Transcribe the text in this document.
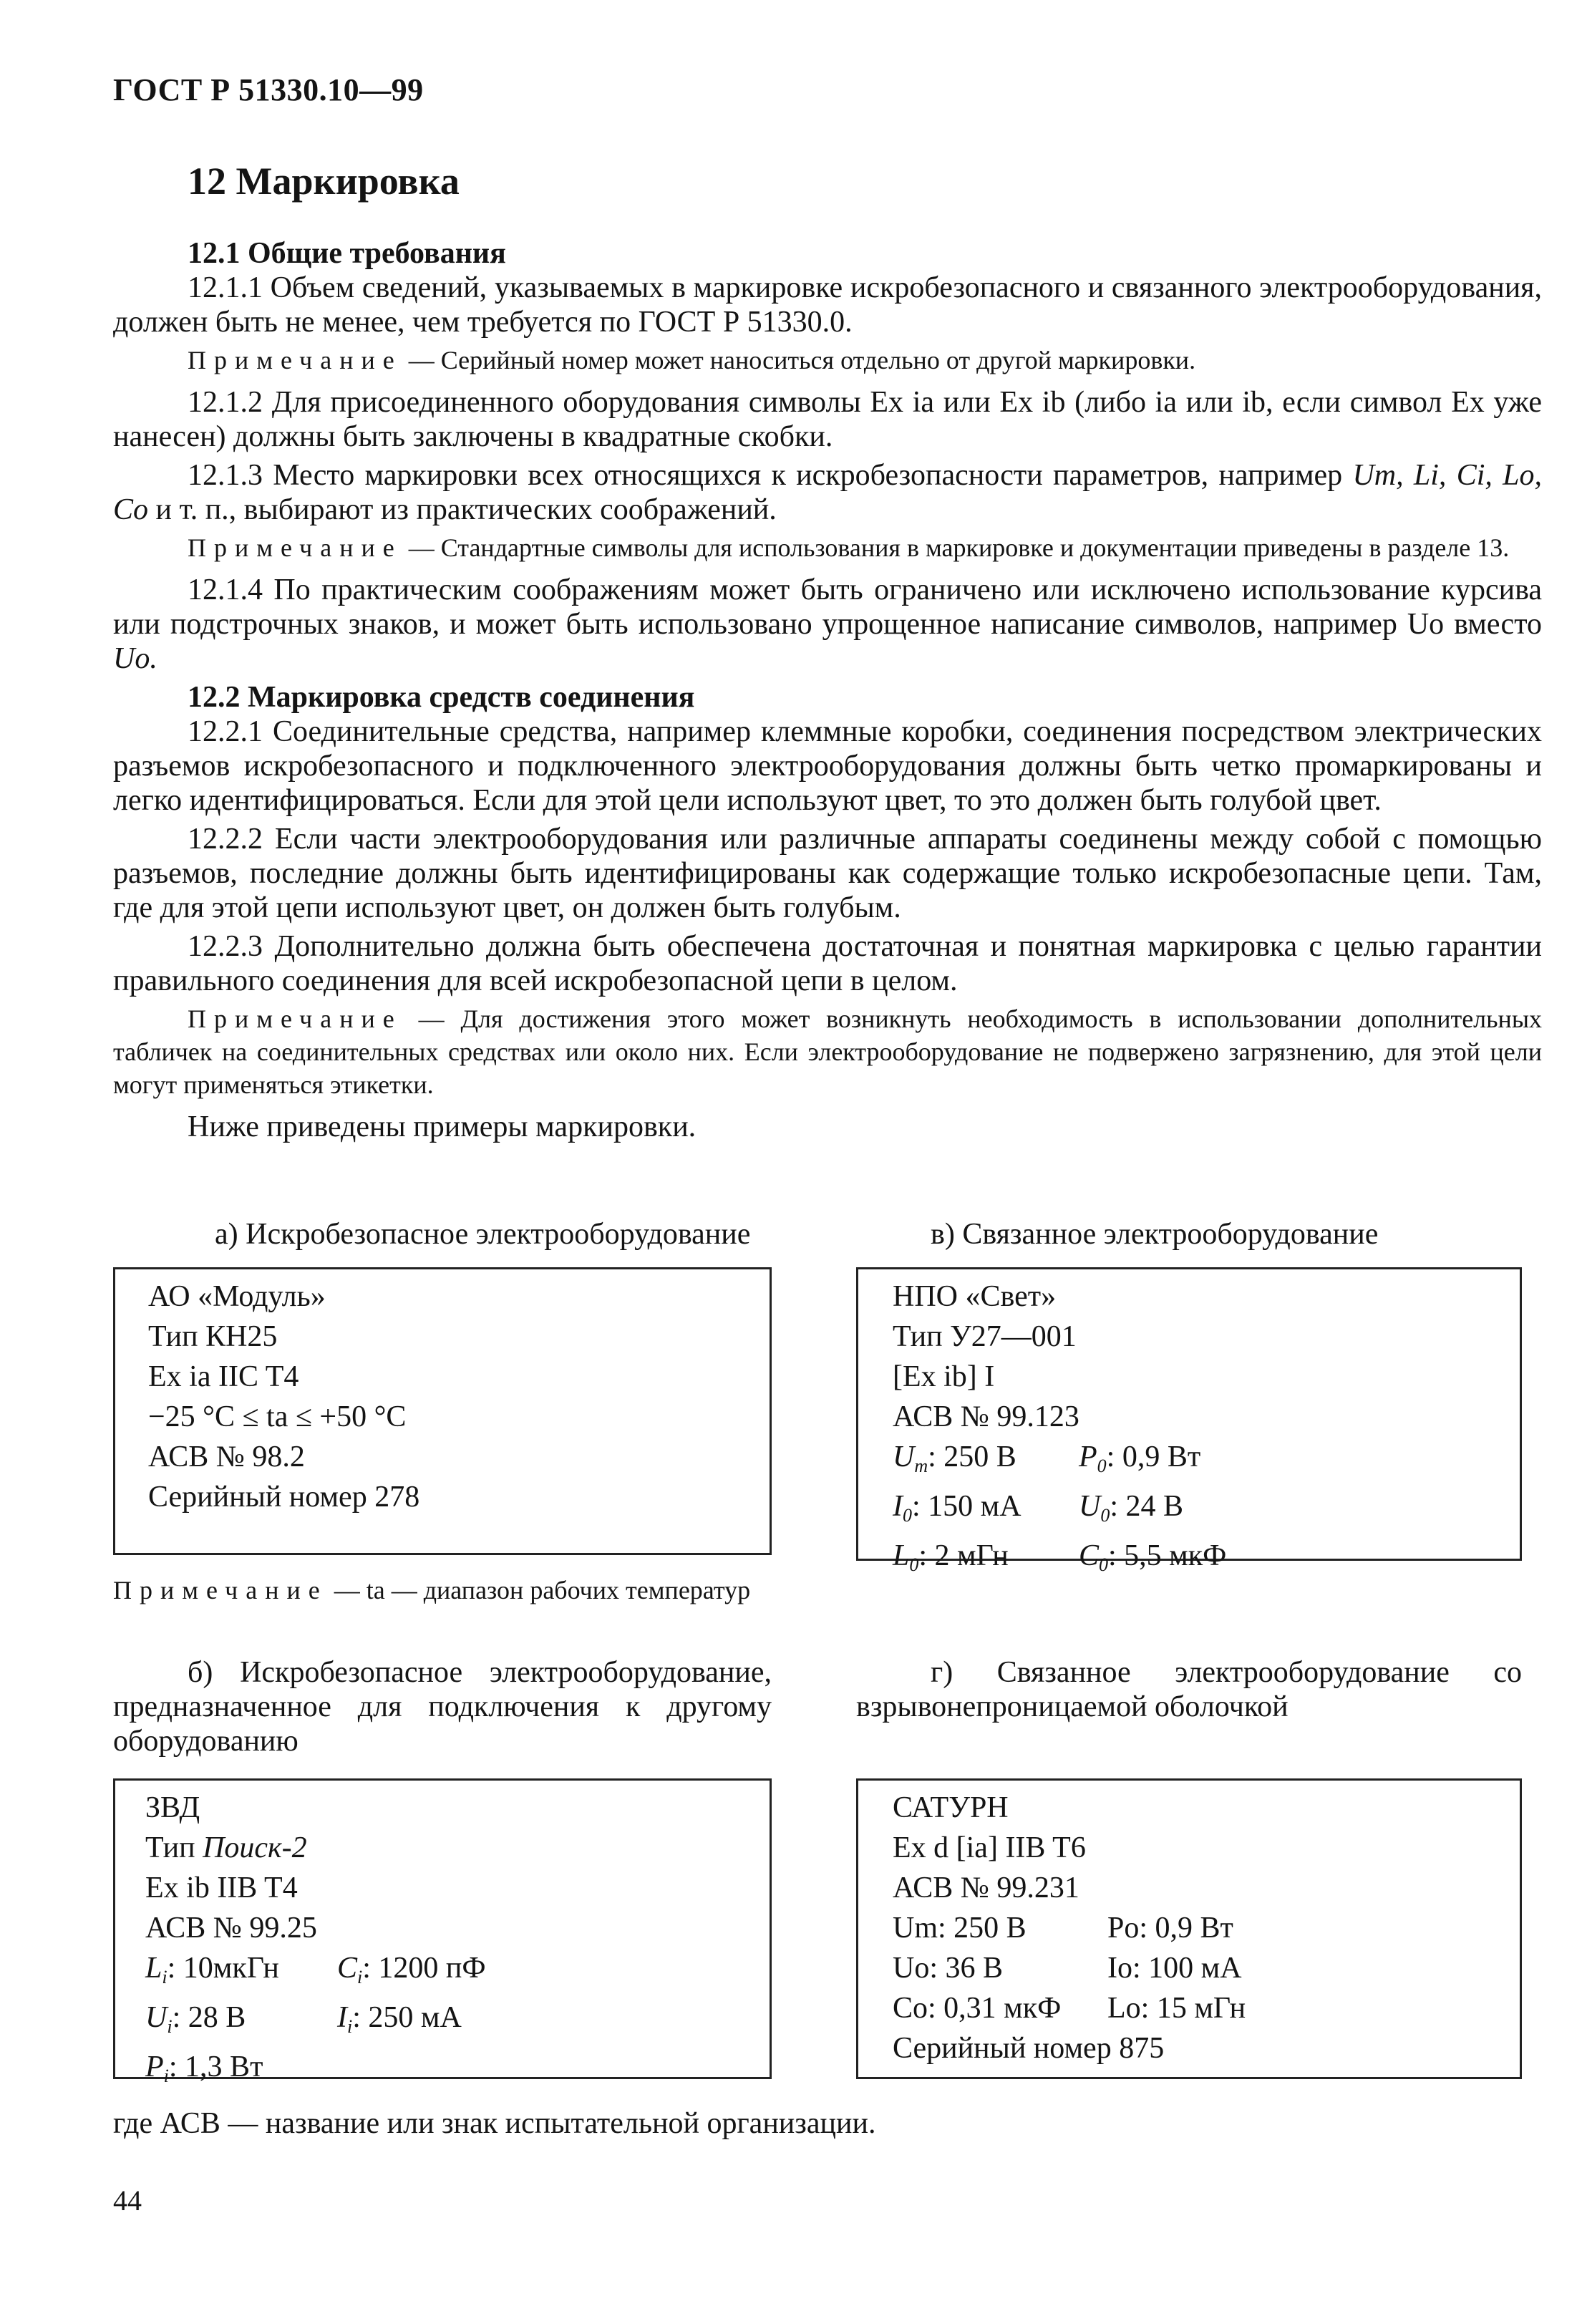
ГОСТ Р 51330.10—99
12 Маркировка
12.1 Общие требования

12.1.1 Объем сведений, указываемых в маркировке искробезопасного и связанного электрооборудования, должен быть не менее, чем требуется по ГОСТ Р 51330.0.

Примечание — Серийный номер может наноситься отдельно от другой маркировки.

12.1.2 Для присоединенного оборудования символы Ex ia или Ex ib (либо ia или ib, если символ Ex уже нанесен) должны быть заключены в квадратные скобки.

12.1.3 Место маркировки всех относящихся к искробезопасности параметров, например Um, Li, Ci, Lo, Co и т. п., выбирают из практических соображений.

Примечание — Стандартные символы для использования в маркировке и документации приведены в разделе 13.

12.1.4 По практическим соображениям может быть ограничено или исключено использование курсива или подстрочных знаков, и может быть использовано упрощенное написание символов, например Uo вместо Uo.

12.2 Маркировка средств соединения

12.2.1 Соединительные средства, например клеммные коробки, соединения посредством электрических разъемов искробезопасного и подключенного электрооборудования должны быть четко промаркированы и легко идентифицироваться. Если для этой цели используют цвет, то это должен быть голубой цвет.

12.2.2 Если части электрооборудования или различные аппараты соединены между собой с помощью разъемов, последние должны быть идентифицированы как содержащие только искробезопасные цепи. Там, где для этой цепи используют цвет, он должен быть голубым.

12.2.3 Дополнительно должна быть обеспечена достаточная и понятная маркировка с целью гарантии правильного соединения для всей искробезопасной цепи в целом.

Примечание — Для достижения этого может возникнуть необходимость в использовании дополнительных табличек на соединительных средствах или около них. Если электрооборудование не подвержено загрязнению, для этой цели могут применяться этикетки.

Ниже приведены примеры маркировки.

а) Искробезопасное электрооборудование	в) Связанное электрооборудование
АО «Модуль»
Тип КН25
Ex ia IIC T4
−25 °C ≤ ta ≤ +50 °C
АСВ № 98.2
Серийный номер 278
НПО «Свет»
Тип У27—001
[Ex ib] I
АСВ № 99.123
$U_m$: 250 В $P_0$: 0,9 Вт
$I_0$: 150 мА $U_0$: 24 В
$L_0$: 2 мГн $C_0$: 5,5 мкФ
Примечание — ta — диапазон рабочих температур
б) Искробезопасное электрооборудование, предназначенное для подключения к другому оборудованию
г) Связанное электрооборудование со взрывонепроницаемой оболочкой
ЗВД
Тип Поиск-2
Ex ib IIB T4
АСВ № 99.25
$L_i$: 10мкГн $C_i$: 1200 пФ
$U_i$: 28 В	$I_i$: 250 мА
$P_i$: 1,3 Вт
САТУРН
Ex d [ia] IIB T6
АСВ № 99.231
Um: 250 В	Po: 0,9 Вт
Uo: 36 В	Io: 100 мА
Co: 0,31 мкФ Lo: 15 мГн
Серийный номер 875
где АСВ — название или знак испытательной организации.
44
